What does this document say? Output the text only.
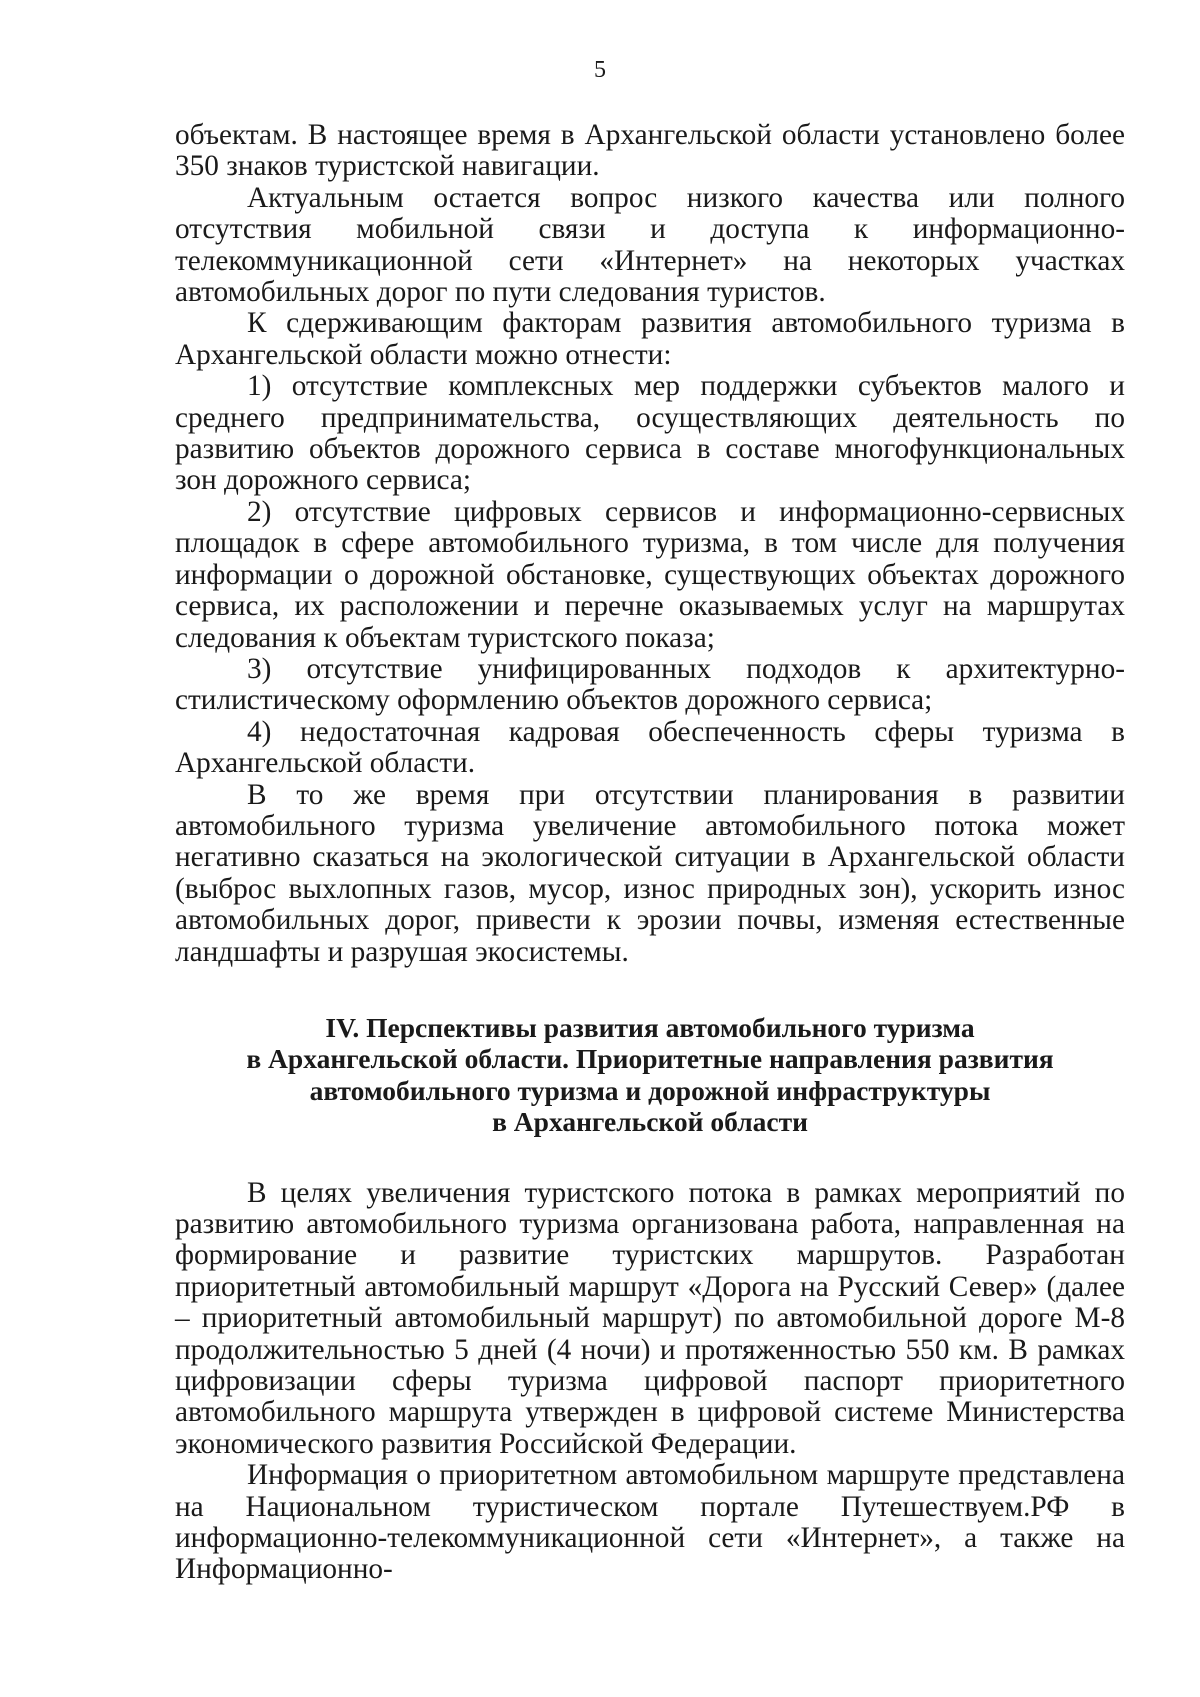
5

объектам. В настоящее время в Архангельской области установлено более 350 знаков туристской навигации.

Актуальным остается вопрос низкого качества или полного отсутствия мобильной связи и доступа к информационно-телекоммуникационной сети «Интернет» на некоторых участках автомобильных дорог по пути следования туристов.

К сдерживающим факторам развития автомобильного туризма в Архангельской области можно отнести:

1) отсутствие комплексных мер поддержки субъектов малого и среднего предпринимательства, осуществляющих деятельность по развитию объектов дорожного сервиса в составе многофункциональных зон дорожного сервиса;

2) отсутствие цифровых сервисов и информационно-сервисных площадок в сфере автомобильного туризма, в том числе для получения информации о дорожной обстановке, существующих объектах дорожного сервиса, их расположении и перечне оказываемых услуг на маршрутах следования к объектам туристского показа;

3) отсутствие унифицированных подходов к архитектурно-стилистическому оформлению объектов дорожного сервиса;

4) недостаточная кадровая обеспеченность сферы туризма в Архангельской области.

В то же время при отсутствии планирования в развитии автомобильного туризма увеличение автомобильного потока может негативно сказаться на экологической ситуации в Архангельской области (выброс выхлопных газов, мусор, износ природных зон), ускорить износ автомобильных дорог, привести к эрозии почвы, изменяя естественные ландшафты и разрушая экосистемы.

IV. Перспективы развития автомобильного туризма
в Архангельской области. Приоритетные направления развития
автомобильного туризма и дорожной инфраструктуры
в Архангельской области

В целях увеличения туристского потока в рамках мероприятий по развитию автомобильного туризма организована работа, направленная на формирование и развитие туристских маршрутов. Разработан приоритетный автомобильный маршрут «Дорога на Русский Север» (далее – приоритетный автомобильный маршрут) по автомобильной дороге М-8 продолжительностью 5 дней (4 ночи) и протяженностью 550 км. В рамках цифровизации сферы туризма цифровой паспорт приоритетного автомобильного маршрута утвержден в цифровой системе Министерства экономического развития Российской Федерации.

Информация о приоритетном автомобильном маршруте представлена на Национальном туристическом портале Путешествуем.РФ в информационно-телекоммуникационной сети «Интернет», а также на Информационно-
